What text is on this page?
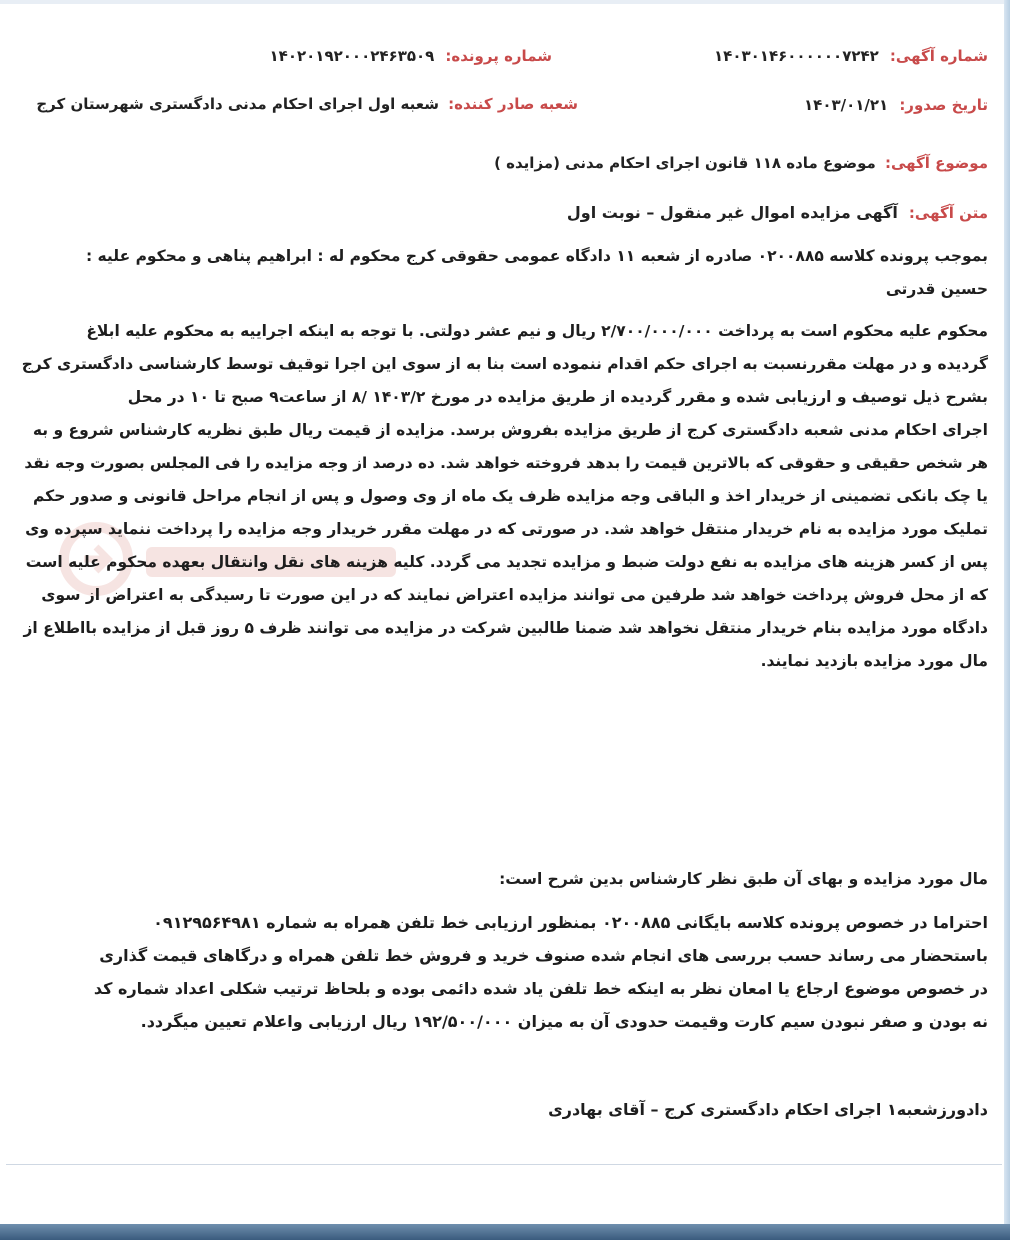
شماره آگهی: ۱۴۰۳۰۱۴۶۰۰۰۰۰۰۷۲۴۲
شماره پرونده: ۱۴۰۲۰۱۹۲۰۰۰۲۴۶۳۵۰۹
تاریخ صدور: ۱۴۰۳/۰۱/۲۱
شعبه صادر کننده: شعبه اول اجرای احکام مدنی دادگستری شهرستان کرج
موضوع آگهی: موضوع ماده ۱۱۸ قانون اجرای احکام مدنی (مزایده )
متن آگهی: آگهی مزایده اموال غیر منقول – نوبت اول
بموجب پرونده کلاسه ۰۲۰۰۸۸۵ صادره از شعبه ۱۱ دادگاه عمومی حقوقی کرج محکوم له : ابراهیم پناهی و محکوم علیه :
حسین قدرتی
محکوم علیه محکوم است به پرداخت ۲/۷۰۰/۰۰۰/۰۰۰ ریال و نیم عشر دولتی. با توجه به اینکه اجراییه به محکوم علیه ابلاغ
گردیده و در مهلت مقررنسبت به اجرای حکم اقدام ننموده است بنا به از سوی این اجرا توقیف توسط کارشناسی دادگستری کرج
بشرح ذیل توصیف و ارزیابی شده و مقرر گردیده از طریق مزایده در مورخ ۱۴۰۳/۲ /۸ از ساعت۹ صبح تا ۱۰ در محل
اجرای احکام مدنی شعبه دادگستری کرج از طریق مزایده بفروش برسد. مزایده از قیمت ریال طبق نظریه کارشناس شروع و به
هر شخص حقیقی و حقوقی که بالاترین قیمت را بدهد فروخته خواهد شد. ده درصد از وجه مزایده را فی المجلس بصورت وجه نقد
یا چک بانکی تضمینی از خریدار اخذ و الباقی وجه مزایده ظرف یک ماه از وی وصول و پس از انجام مراحل قانونی و صدور حکم
تملیک مورد مزایده به نام خریدار منتقل خواهد شد. در صورتی که در مهلت مقرر خریدار وجه مزایده را پرداخت ننماید سپرده وی
پس از کسر هزینه های مزایده به نفع دولت ضبط و مزایده تجدید می گردد. کلیه هزینه های نقل وانتقال بعهده محکوم علیه است
که از محل فروش پرداخت خواهد شد طرفین می توانند مزایده اعتراض نمایند که در این صورت تا رسیدگی به اعتراض از سوی
دادگاه مورد مزایده بنام خریدار منتقل نخواهد شد ضمنا طالبین شرکت در مزایده می توانند ظرف ۵ روز قبل از مزایده بااطلاع از
مال مورد مزایده بازدید نمایند.
مال مورد مزایده و بهای آن طبق نظر کارشناس بدین شرح است:
احتراما در خصوص پرونده کلاسه بایگانی ۰۲۰۰۸۸۵ بمنظور ارزیابی خط تلفن همراه به شماره ۰۹۱۲۹۵۶۴۹۸۱
باستحضار می رساند حسب بررسی های انجام شده صنوف خرید و فروش خط تلفن همراه و درگاهای قیمت گذاری
در خصوص موضوع ارجاع یا امعان نظر به اینکه خط تلفن یاد شده دائمی بوده و بلحاظ ترتیب شکلی اعداد شماره کد
نه بودن و صفر نبودن سیم کارت وقیمت حدودی آن به میزان ۱۹۲/۵۰۰/۰۰۰ ریال ارزیابی واعلام تعیین میگردد.
دادورزشعبه۱ اجرای احکام دادگستری کرج – آقای بهادری
